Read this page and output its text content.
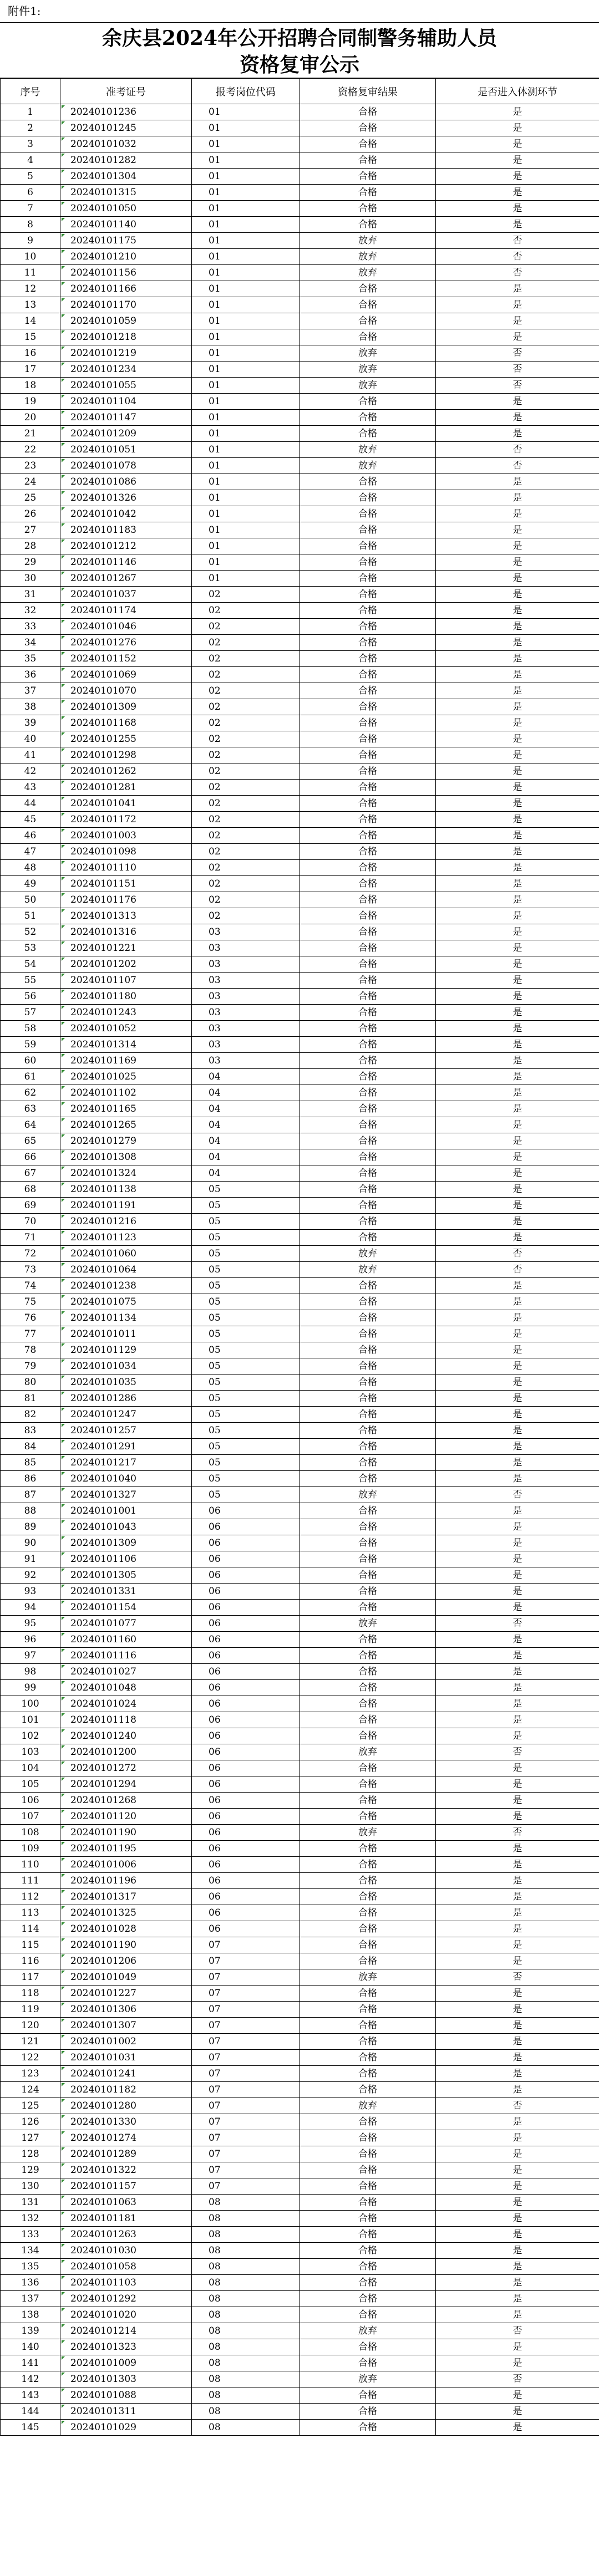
附件1:
余庆县2024年公开招聘合同制警务辅助人员
资格复审公示
序号	准考证号	报考岗位代码	资格复审结果	是否进入体测环节
1	20240101236	01	合格	是
2	20240101245	01	合格	是
3	20240101032	01	合格	是
4	20240101282	01	合格	是
5	20240101304	01	合格	是
6	20240101315	01	合格	是
7	20240101050	01	合格	是
8	20240101140	01	合格	是
9	20240101175	01	放弃	否
10	20240101210	01	放弃	否
11	20240101156	01	放弃	否
12	20240101166	01	合格	是
13	20240101170	01	合格	是
14	20240101059	01	合格	是
15	20240101218	01	合格	是
16	20240101219	01	放弃	否
17	20240101234	01	放弃	否
18	20240101055	01	放弃	否
19	20240101104	01	合格	是
20	20240101147	01	合格	是
21	20240101209	01	合格	是
22	20240101051	01	放弃	否
23	20240101078	01	放弃	否
24	20240101086	01	合格	是
25	20240101326	01	合格	是
26	20240101042	01	合格	是
27	20240101183	01	合格	是
28	20240101212	01	合格	是
29	20240101146	01	合格	是
30	20240101267	01	合格	是
31	20240101037	02	合格	是
32	20240101174	02	合格	是
33	20240101046	02	合格	是
34	20240101276	02	合格	是
35	20240101152	02	合格	是
36	20240101069	02	合格	是
37	20240101070	02	合格	是
38	20240101309	02	合格	是
39	20240101168	02	合格	是
40	20240101255	02	合格	是
41	20240101298	02	合格	是
42	20240101262	02	合格	是
43	20240101281	02	合格	是
44	20240101041	02	合格	是
45	20240101172	02	合格	是
46	20240101003	02	合格	是
47	20240101098	02	合格	是
48	20240101110	02	合格	是
49	20240101151	02	合格	是
50	20240101176	02	合格	是
51	20240101313	02	合格	是
52	20240101316	03	合格	是
53	20240101221	03	合格	是
54	20240101202	03	合格	是
55	20240101107	03	合格	是
56	20240101180	03	合格	是
57	20240101243	03	合格	是
58	20240101052	03	合格	是
59	20240101314	03	合格	是
60	20240101169	03	合格	是
61	20240101025	04	合格	是
62	20240101102	04	合格	是
63	20240101165	04	合格	是
64	20240101265	04	合格	是
65	20240101279	04	合格	是
66	20240101308	04	合格	是
67	20240101324	04	合格	是
68	20240101138	05	合格	是
69	20240101191	05	合格	是
70	20240101216	05	合格	是
71	20240101123	05	合格	是
72	20240101060	05	放弃	否
73	20240101064	05	放弃	否
74	20240101238	05	合格	是
75	20240101075	05	合格	是
76	20240101134	05	合格	是
77	20240101011	05	合格	是
78	20240101129	05	合格	是
79	20240101034	05	合格	是
80	20240101035	05	合格	是
81	20240101286	05	合格	是
82	20240101247	05	合格	是
83	20240101257	05	合格	是
84	20240101291	05	合格	是
85	20240101217	05	合格	是
86	20240101040	05	合格	是
87	20240101327	05	放弃	否
88	20240101001	06	合格	是
89	20240101043	06	合格	是
90	20240101309	06	合格	是
91	20240101106	06	合格	是
92	20240101305	06	合格	是
93	20240101331	06	合格	是
94	20240101154	06	合格	是
95	20240101077	06	放弃	否
96	20240101160	06	合格	是
97	20240101116	06	合格	是
98	20240101027	06	合格	是
99	20240101048	06	合格	是
100	20240101024	06	合格	是
101	20240101118	06	合格	是
102	20240101240	06	合格	是
103	20240101200	06	放弃	否
104	20240101272	06	合格	是
105	20240101294	06	合格	是
106	20240101268	06	合格	是
107	20240101120	06	合格	是
108	20240101190	06	放弃	否
109	20240101195	06	合格	是
110	20240101006	06	合格	是
111	20240101196	06	合格	是
112	20240101317	06	合格	是
113	20240101325	06	合格	是
114	20240101028	06	合格	是
115	20240101190	07	合格	是
116	20240101206	07	合格	是
117	20240101049	07	放弃	否
118	20240101227	07	合格	是
119	20240101306	07	合格	是
120	20240101307	07	合格	是
121	20240101002	07	合格	是
122	20240101031	07	合格	是
123	20240101241	07	合格	是
124	20240101182	07	合格	是
125	20240101280	07	放弃	否
126	20240101330	07	合格	是
127	20240101274	07	合格	是
128	20240101289	07	合格	是
129	20240101322	07	合格	是
130	20240101157	07	合格	是
131	20240101063	08	合格	是
132	20240101181	08	合格	是
133	20240101263	08	合格	是
134	20240101030	08	合格	是
135	20240101058	08	合格	是
136	20240101103	08	合格	是
137	20240101292	08	合格	是
138	20240101020	08	合格	是
139	20240101214	08	放弃	否
140	20240101323	08	合格	是
141	20240101009	08	合格	是
142	20240101303	08	放弃	否
143	20240101088	08	合格	是
144	20240101311	08	合格	是
145	20240101029	08	合格	是
